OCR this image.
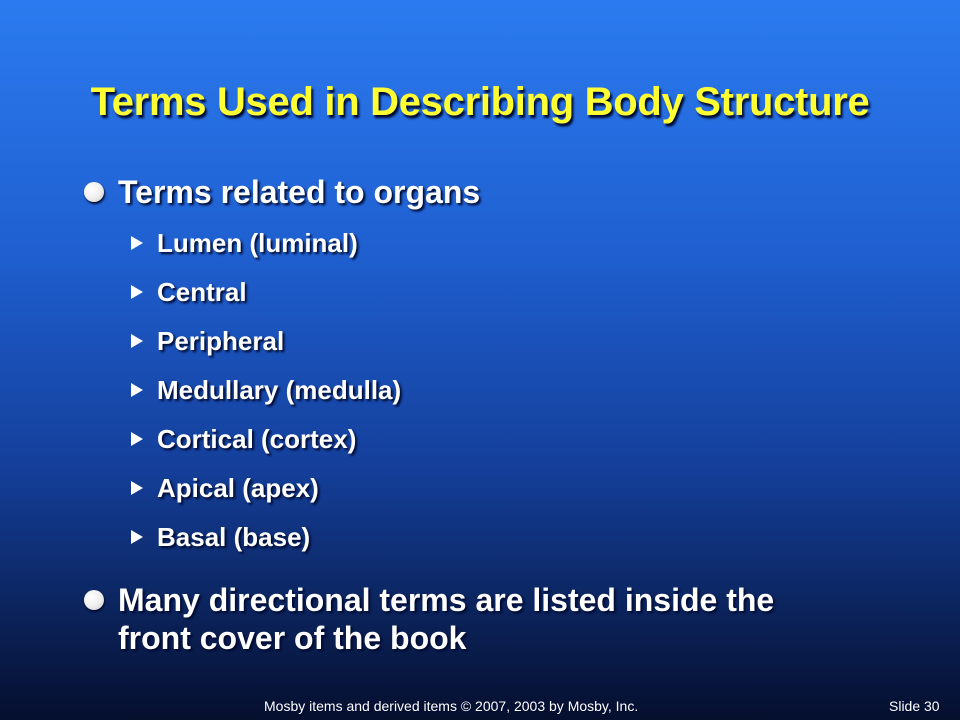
Terms Used in Describing Body Structure
Terms related to organs
Lumen (luminal)
Central
Peripheral
Medullary (medulla)
Cortical (cortex)
Apical (apex)
Basal (base)
Many directional terms are listed inside the
front cover of the book
Mosby items and derived items © 2007, 2003 by Mosby, Inc.	Slide 30
